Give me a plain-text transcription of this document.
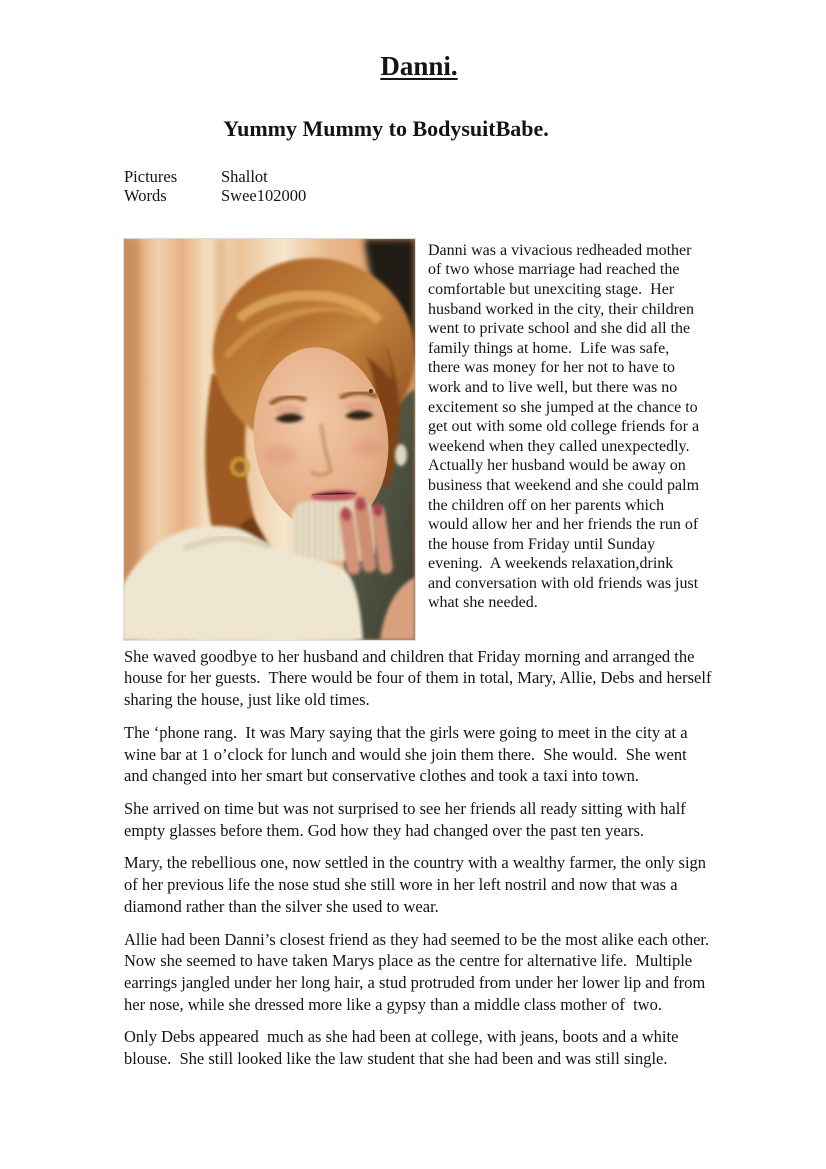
Danni.
Yummy Mummy to BodysuitBabe.
Pictures	Shallot
Words	Swee102000
Danni was a vivacious redheaded mother of two whose marriage had reached the comfortable but unexciting stage.  Her husband worked in the city, their children went to private school and she did all the family things at home.  Life was safe, there was money for her not to have to work and to live well, but there was no excitement so she jumped at the chance to get out with some old college friends for a weekend when they called unexpectedly.  Actually her husband would be away on business that weekend and she could palm the children off on her parents which would allow her and her friends the run of the house from Friday until Sunday evening.  A weekends relaxation,drink and conversation with old friends was just what she needed.

She waved goodbye to her husband and children that Friday morning and arranged the house for her guests.  There would be four of them in total, Mary, Allie, Debs and herself sharing the house, just like old times.

The ‘phone rang.  It was Mary saying that the girls were going to meet in the city at a wine bar at 1 o’clock for lunch and would she join them there.  She would.  She went and changed into her smart but conservative clothes and took a taxi into town.

She arrived on time but was not surprised to see her friends all ready sitting with half empty glasses before them. God how they had changed over the past ten years.

Mary, the rebellious one, now settled in the country with a wealthy farmer, the only sign of her previous life the nose stud she still wore in her left nostril and now that was a diamond rather than the silver she used to wear.

Allie had been Danni’s closest friend as they had seemed to be the most alike each other.  Now she seemed to have taken Marys place as the centre for alternative life.  Multiple earrings jangled under her long hair, a stud protruded from under her lower lip and from her nose, while she dressed more like a gypsy than a middle class mother of  two.

Only Debs appeared  much as she had been at college, with jeans, boots and a white blouse.  She still looked like the law student that she had been and was still single.
